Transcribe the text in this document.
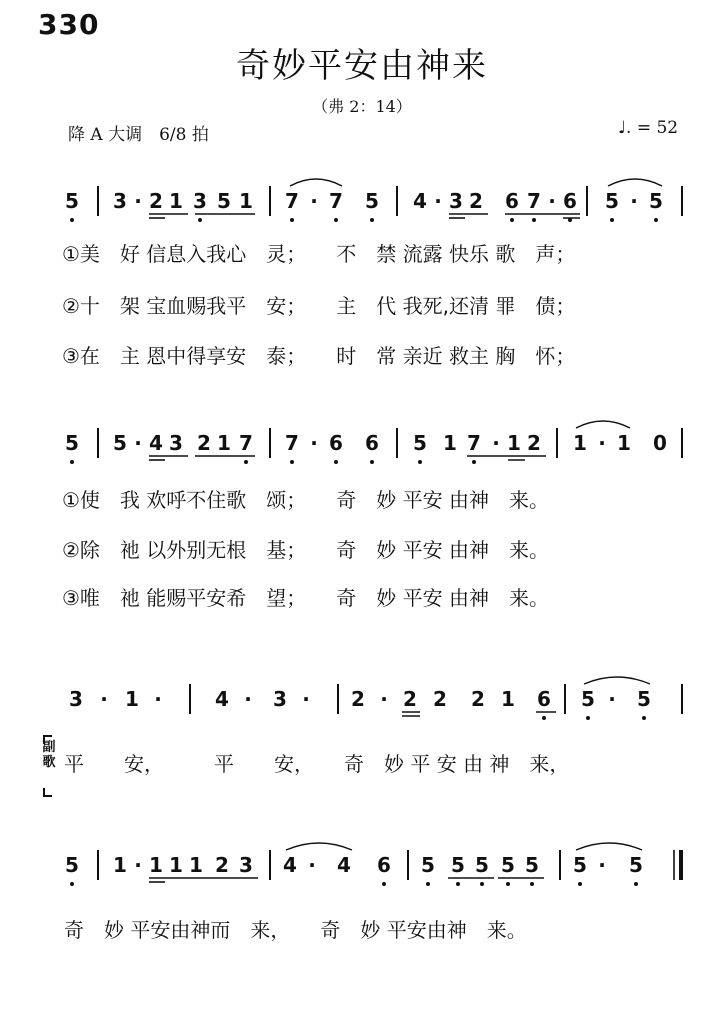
330
奇妙平安由神来
（弗 2：14）
降 A 大调　6/8 拍	♩. = 52
5 3 · 2 1 3 5 1 7 · 7 5 4 · 3 2 6 7 · 6 5 · 5
5 5 · 4 3 2 1 7 7 · 6 6 5 1 7 · 1 2 1 · 1 0
3 · 1 ·	4 · 3 · 2 · 2 2 2 1 6 5 · 5
5 1 · 1 1 1 2 3 4 · 4 6 5 5 5 5 5 5 · 5
①美　好 信息入我心　灵；　　不　禁 流露 快乐 歌　声；
②十　架 宝血赐我平　安；　　主　代 我死,还清 罪　债；
③在　主 恩中得享安　泰；　　时　常 亲近 救主 胸　怀；
①使　我 欢呼不住歌　颂；　　奇　妙 平安 由神　来。
②除　祂 以外别无根　基；　　奇　妙 平安 由神　来。
③唯　祂 能赐平安希　望；　　奇　妙 平安 由神　来。
副歌 平　　安，　　　平　　安，　　奇　妙 平 安 由 神　来，
奇　妙 平安由神而　来，　　奇　妙 平安由神　来。
